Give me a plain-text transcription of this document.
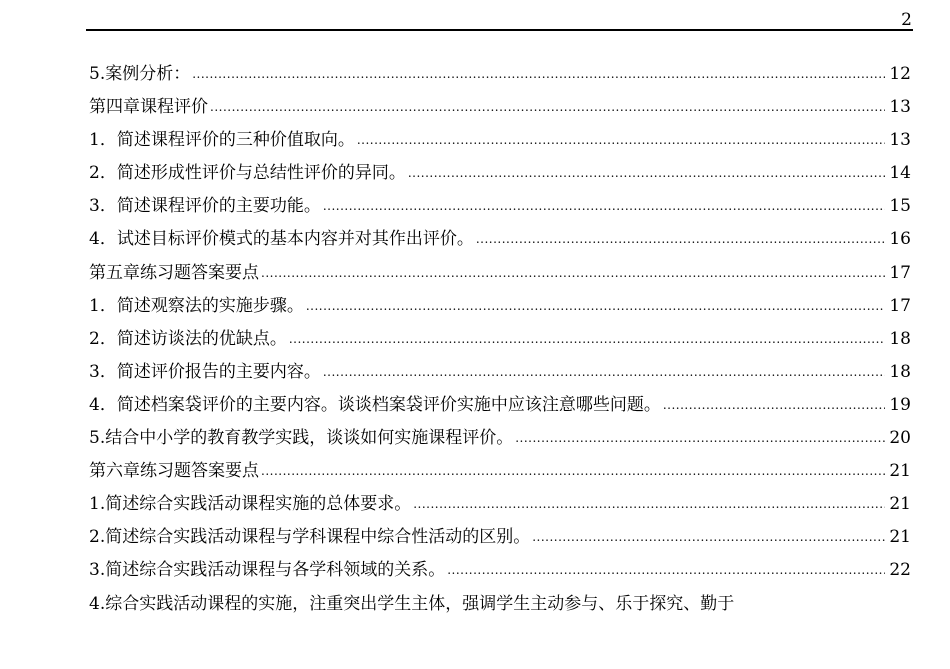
2
5.案例分析： .....	12
第四章课程评价 .....	13
1．简述课程评价的三种价值取向。 .....	13
2．简述形成性评价与总结性评价的异同。 .....	14
3．简述课程评价的主要功能。 .....	15
4．试述目标评价模式的基本内容并对其作出评价。 .....	16
第五章练习题答案要点 .....	17
1．简述观察法的实施步骤。 .....	17
2．简述访谈法的优缺点。 .....	18
3．简述评价报告的主要内容。 .....	18
4．简述档案袋评价的主要内容。谈谈档案袋评价实施中应该注意哪些问题。 .....	19
5.结合中小学的教育教学实践，谈谈如何实施课程评价。 .....	20
第六章练习题答案要点 .....	21
1.简述综合实践活动课程实施的总体要求。 .....	21
2.简述综合实践活动课程与学科课程中综合性活动的区别。 .....	21
3.简述综合实践活动课程与各学科领域的关系。 .....	22
4.综合实践活动课程的实施，注重突出学生主体，强调学生主动参与、乐于探究、勤于
